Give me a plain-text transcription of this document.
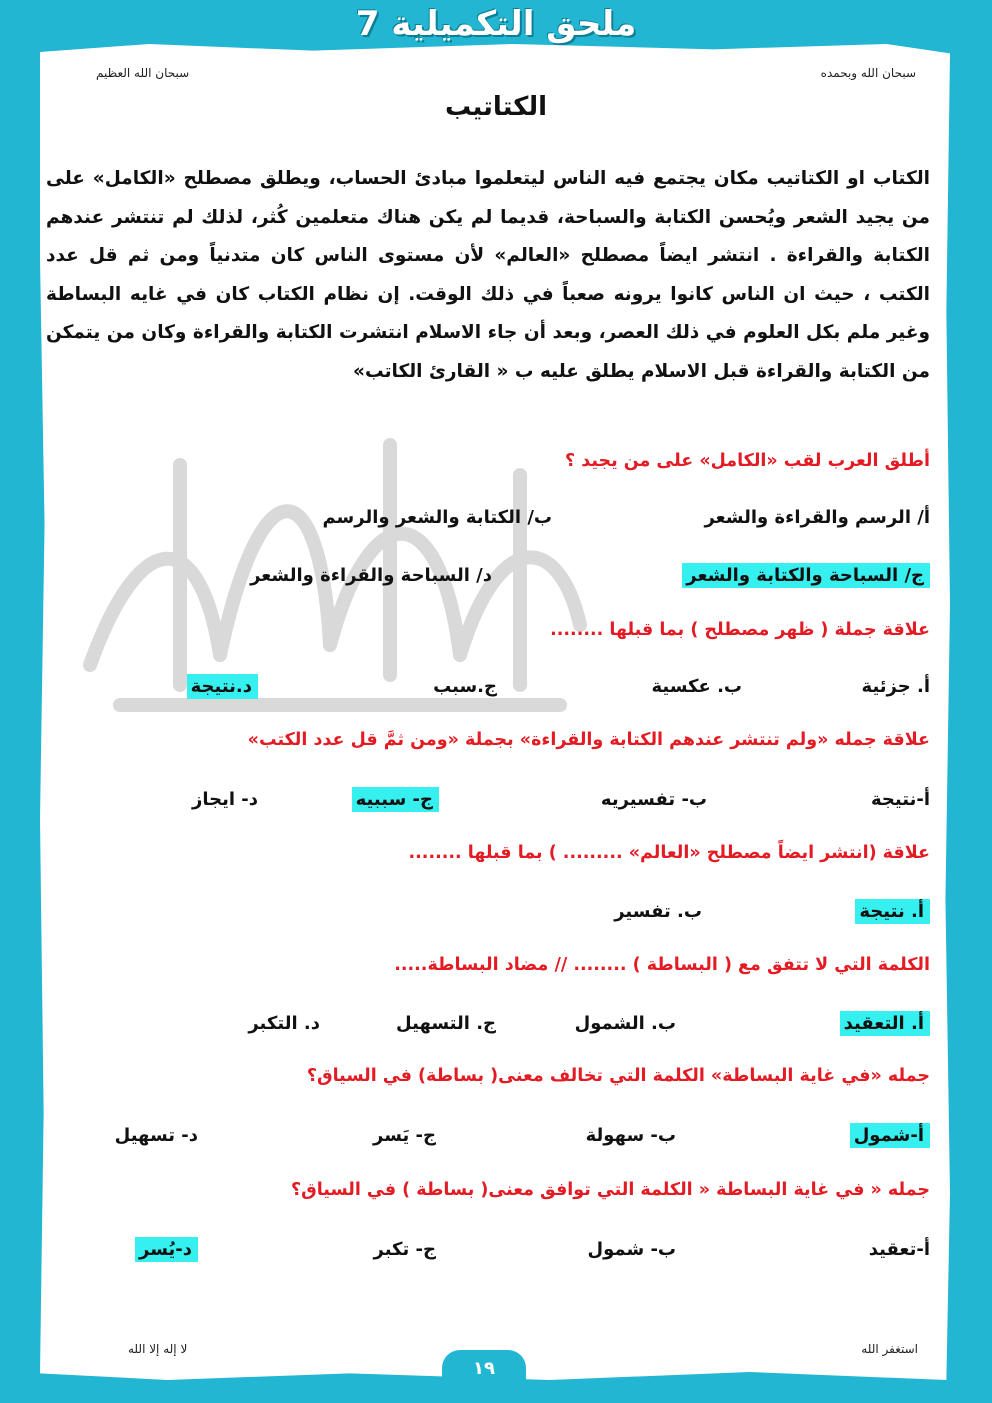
ملحق التكميلية 7
سبحان الله وبحمده
سبحان الله العظيم
الكتاتيب

الكتاب او الكتاتيب مكان يجتمع فيه الناس ليتعلموا مبادئ الحساب، ويطلق مصطلح «الكامل» على من يجيد الشعر ويُحسن الكتابة والسباحة، قديما لم يكن هناك متعلمين كُثر، لذلك لم تنتشر عندهم الكتابة والقراءة . انتشر ايضاً مصطلح «العالم» لأن مستوى الناس كان متدنياً ومن ثم قل عدد الكتب ، حيث ان الناس كانوا يرونه صعباً في ذلك الوقت. إن نظام الكتاب كان في غايه البساطة وغير ملم بكل العلوم في ذلك العصر، وبعد أن جاء الاسلام انتشرت الكتابة والقراءة وكان من يتمكن من الكتابة والقراءة قبل الاسلام يطلق عليه ب « القارئ الكاتب»

أطلق العرب لقب «الكامل» على من يجيد ؟
أ/ الرسم والقراءة والشعر
ب/ الكتابة والشعر والرسم
ج/ السباحة والكتابة والشعر
د/ السباحة والقراءة والشعر
علاقة جملة ( ظهر مصطلح ) بما قبلها ........
أ. جزئية
ب. عكسية
ج.سبب
د.نتيجة
علاقة جمله «ولم تنتشر عندهم الكتابة والقراءة» بجملة «ومن ثمَّ قل عدد الكتب»
أ-نتيجة
ب- تفسيريه
ج- سببيه
د- ايجاز
علاقة (انتشر ايضاً مصطلح «العالم» ......... ) بما قبلها ........
أ. نتيجة
ب. تفسير
الكلمة التي لا تتفق مع ( البساطة ) ........ // مضاد البساطة.....
أ. التعقيد
ب. الشمول
ج. التسهيل
د. التكبر
جمله «في غاية البساطة» الكلمة التي تخالف معنى( بساطة) في السياق؟
أ-شمول
ب- سهولة
ج- يَسر
د- تسهيل
جمله « في غاية البساطة « الكلمة التي توافق معنى( بساطة ) في السياق؟
أ-تعقيد
ب- شمول
ج- تكبر
د-يُسر
استغفر الله
لا إله إلا الله
١٩
